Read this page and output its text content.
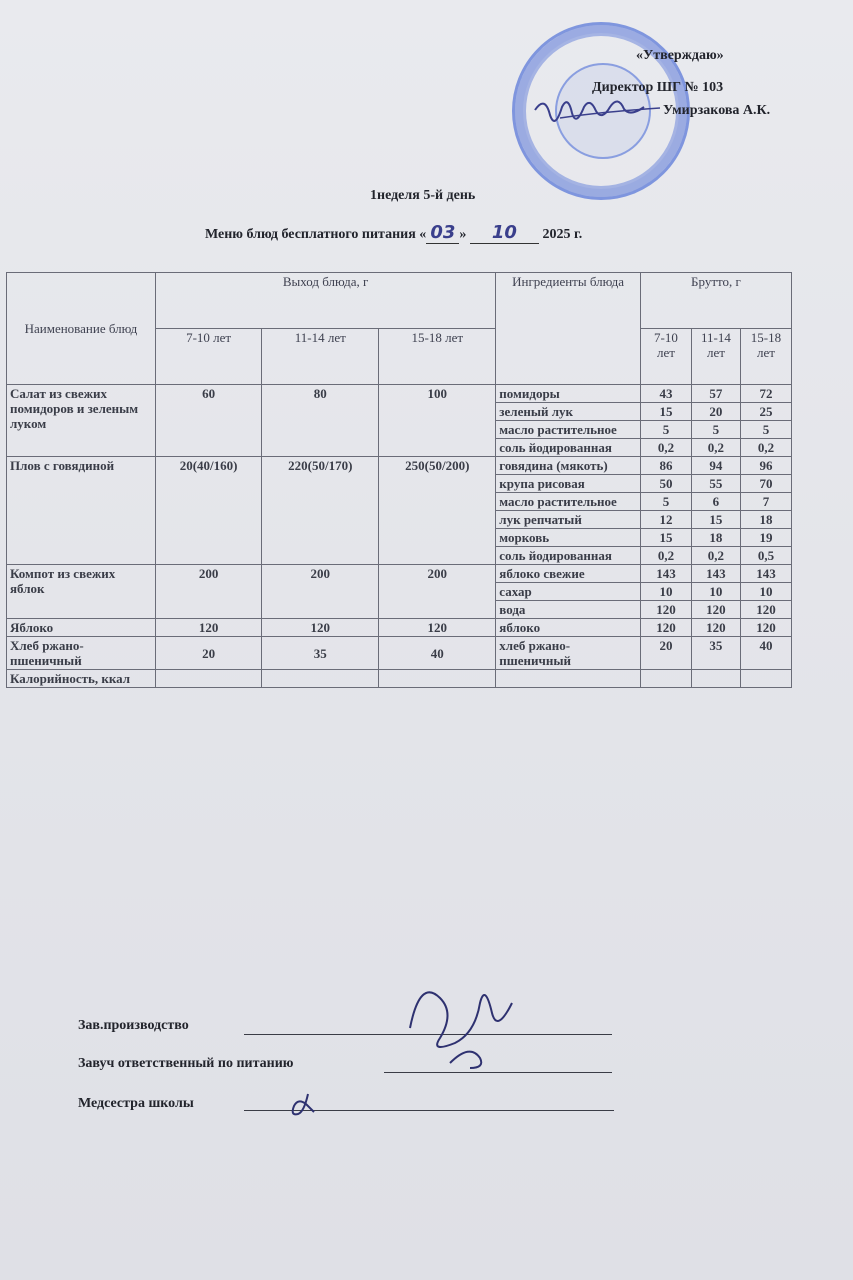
«Утверждаю»
Директор ШГ № 103
Умирзакова А.К.
1неделя 5-й день
Меню блюд бесплатного питания « 03 » 10 2025 г.
Наименование блюд	Выход блюда, г			Ингредиенты блюда	Брутто, г		
	7-10 лет	11-14 лет	15-18 лет		7-10 лет	11-14 лет	15-18 лет
Салат из свежих помидоров и зеленым луком	60	80	100	помидоры	43	57	72
				зеленый лук	15	20	25
				масло растительное	5	5	5
				соль йодированная	0,2	0,2	0,2
Плов с говядиной	20(40/160)	220(50/170)	250(50/200)	говядина (мякоть)	86	94	96
				крупа рисовая	50	55	70
				масло растительное	5	6	7
				лук репчатый	12	15	18
				морковь	15	18	19
				соль йодированная	0,2	0,2	0,5
Компот из свежих яблок	200	200	200	яблоко свежие	143	143	143
				сахар	10	10	10
				вода	120	120	120
Яблоко	120	120	120	яблоко	120	120	120
Хлеб ржано-пшеничный	20	35	40	хлеб ржано-пшеничный	20	35	40
Калорийность, ккал							
Зав.производство
Завуч ответственный по питанию
Медсестра школы
